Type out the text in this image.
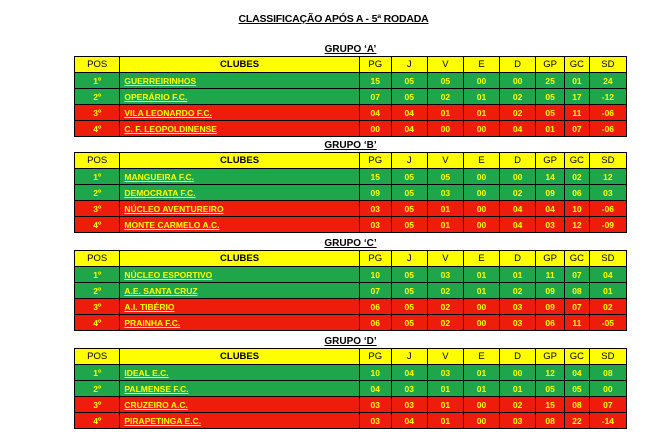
CLASSIFICAÇÃO APÓS A - 5ª RODADA
GRUPO ‘A’
POS	CLUBES	PG	J	V	E	D	GP	GC	SD
1º	GUERREIRINHOS	15	05	05	00	00	25	01	24
2º	OPERÁRIO F.C.	07	05	02	01	02	05	17	-12
3º	VILA LEONARDO F.C.	04	04	01	01	02	05	11	-06
4º	C. F. LEOPOLDINENSE	00	04	00	00	04	01	07	-06
GRUPO ‘B’
POS	CLUBES	PG	J	V	E	D	GP	GC	SD
1º	MANGUEIRA F.C.	15	05	05	00	00	14	02	12
2º	DEMOCRATA F.C.	09	05	03	00	02	09	06	03
3º	NÚCLEO AVENTUREIRO	03	05	01	00	04	04	10	-06
4º	MONTE CARMELO A.C.	03	05	01	00	04	03	12	-09
GRUPO ‘C’
POS	CLUBES	PG	J	V	E	D	GP	GC	SD
1º	NÚCLEO ESPORTIVO	10	05	03	01	01	11	07	04
2º	A.E. SANTA CRUZ	07	05	02	01	02	09	08	01
3º	A.I. TIBÉRIO	06	05	02	00	03	09	07	02
4º	PRAINHA F.C.	06	05	02	00	03	06	11	-05
GRUPO ‘D’
POS	CLUBES	PG	J	V	E	D	GP	GC	SD
1º	IDEAL E.C.	10	04	03	01	00	12	04	08
2º	PALMENSE F.C.	04	03	01	01	01	05	05	00
3º	CRUZEIRO A.C.	03	03	01	00	02	15	08	07
4º	PIRAPETINGA E.C.	03	04	01	00	03	08	22	-14
